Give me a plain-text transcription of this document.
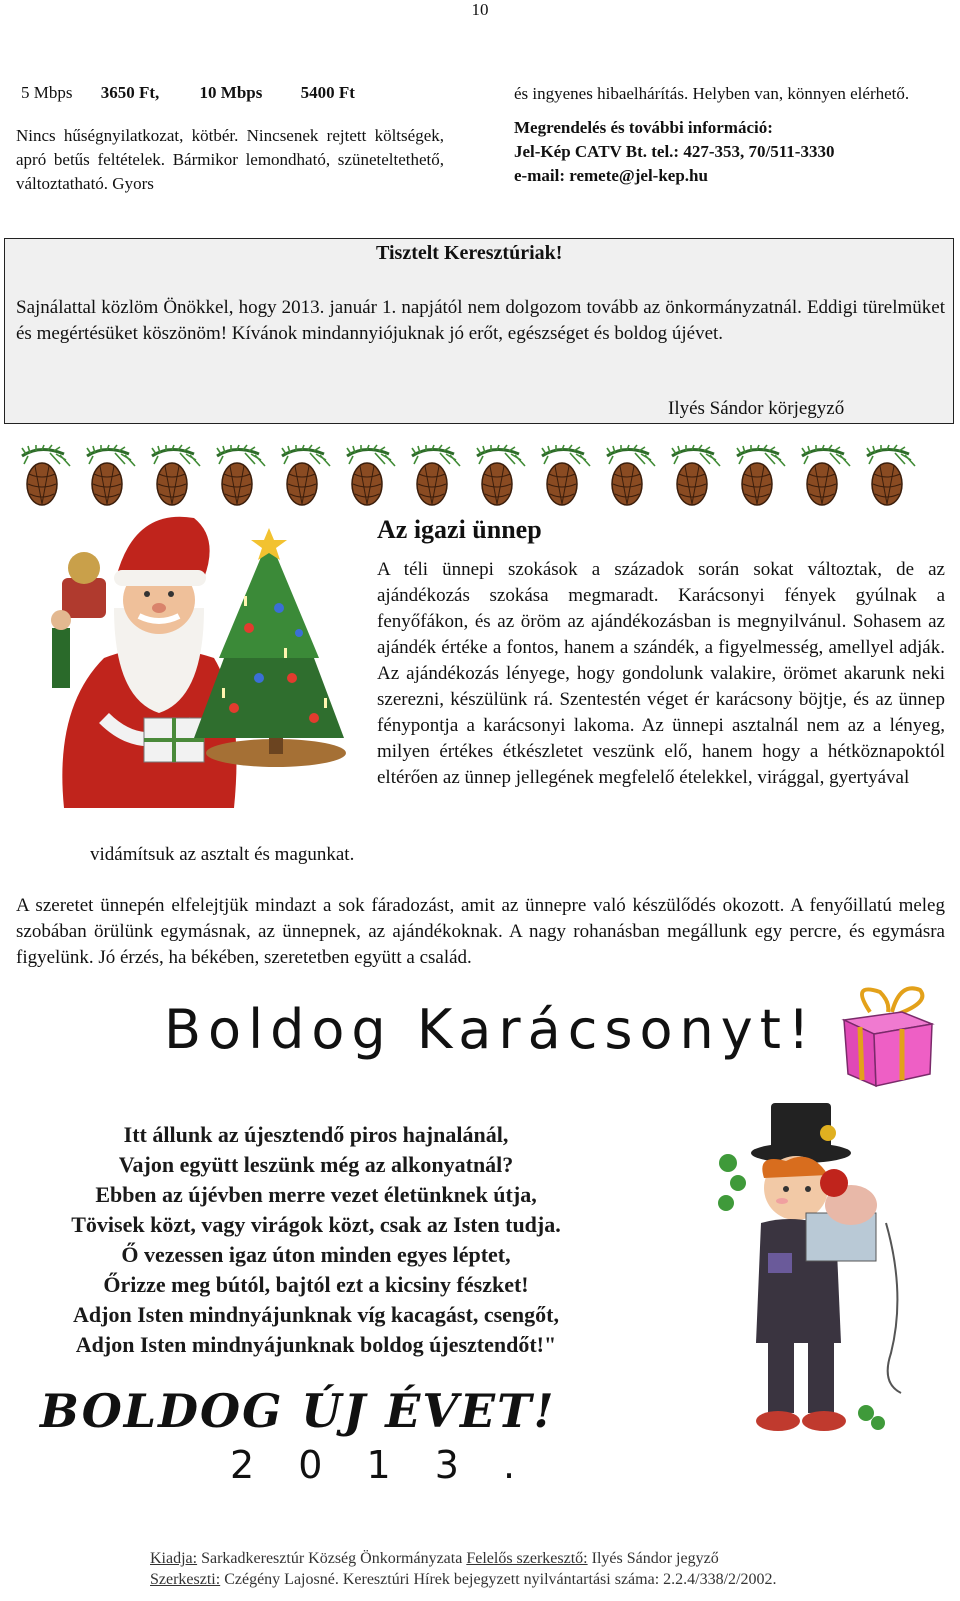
10
5 Mbps 3650 Ft, 10 Mbps 5400 Ft
Nincs hűségnyilatkozat, kötbér. Nincsenek rejtett költségek, apró betűs feltételek. Bármikor lemondható, szüneteltethető, változtatható. Gyors
és ingyenes hibaelhárítás. Helyben van, könnyen elérhető.
Megrendelés és további információ:
Jel-Kép CATV Bt. tel.: 427-353, 70/511-3330
e-mail: remete@jel-kep.hu
Tisztelt Keresztúriak!
Sajnálattal közlöm Önökkel, hogy 2013. január 1. napjától nem dolgozom tovább az önkormányzatnál. Eddigi türelmüket és megértésüket köszönöm! Kívánok mindannyiójuknak jó erőt, egészséget és boldog újévet.
Ilyés Sándor körjegyző
Az igazi ünnep
A téli ünnepi szokások a századok során sokat változtak, de az ajándékozás szokása megmaradt. Karácsonyi fények gyúlnak a fenyőfákon, és az öröm az ajándékozásban is megnyilvánul. Sohasem az ajándék értéke a fontos, hanem a szándék, a figyelmesség, amellyel adják. Az ajándékozás lényege, hogy gondolunk valakire, örömet akarunk neki szerezni, készülünk rá. Szentestén véget ér karácsony böjtje, és az ünnep fénypontja a karácsonyi lakoma. Az ünnepi asztalnál nem az a lényeg, milyen értékes étkészletet veszünk elő, hanem hogy a hétköznapoktól eltérően az ünnep jellegének megfelelő ételekkel, virággal, gyertyával
vidámítsuk az asztalt és magunkat.
A szeretet ünnepén elfelejtjük mindazt a sok fáradozást, amit az ünnepre való készülődés okozott. A fenyőillatú meleg szobában örülünk egymásnak, az ünnepnek, az ajándékoknak. A nagy rohanásban megállunk egy percre, és egymásra figyelünk. Jó érzés, ha békében, szeretetben együtt a család.
Boldog Karácsonyt!
Itt állunk az újesztendő piros hajnalánál,
Vajon együtt leszünk még az alkonyatnál?
Ebben az újévben merre vezet életünknek útja,
Tövisek közt, vagy virágok közt, csak az Isten tudja.
Ő vezessen igaz úton minden egyes léptet,
Őrizze meg bútól, bajtól ezt a kicsiny fészket!
Adjon Isten mindnyájunknak víg kacagást, csengőt,
Adjon Isten mindnyájunknak boldog újesztendőt!"
BOLDOG ÚJ ÉVET!
2 0 1 3 .
Kiadja: Sarkadkeresztúr Község Önkormányzata Felelős szerkesztő: Ilyés Sándor jegyző
Szerkeszti: Czégény Lajosné. Keresztúri Hírek bejegyzett nyilvántartási száma: 2.2.4/338/2/2002.
